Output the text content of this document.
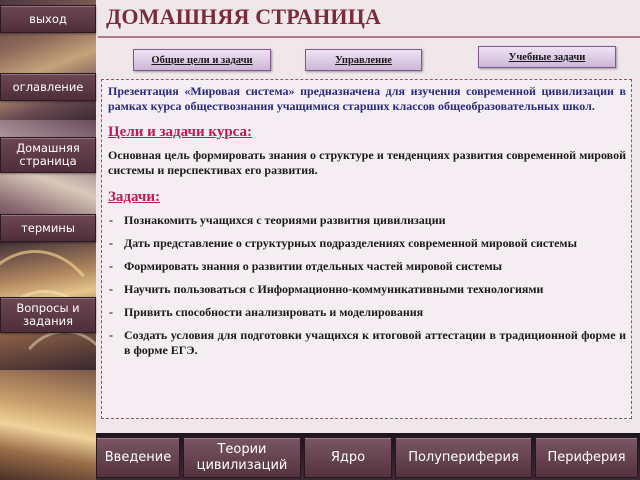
выход
оглавление
Домашняя страница
термины
Вопросы и задания
ДОМАШНЯЯ СТРАНИЦА
Общие цели и задачи	Управление	Учебные задачи

Презентация «Мировая система» предназначена для изучения современной цивилизации в рамках курса обществознания учащимися старших классов общеобразовательных школ.

Цели и задачи курса:

Основная цель формировать знания о структуре и тенденциях развития современной мировой системы и перспективах его развития.

Задачи:

- Познакомить учащихся с теориями развития цивилизации
- Дать представление о структурных подразделениях современной мировой системы
- Формировать знания о развитии отдельных частей мировой системы
- Научить пользоваться с Информационно-коммуникативными технологиями
- Привить способности анализировать и моделирования
- Создать условия для подготовки учащихся к итоговой аттестации в традиционной форме и в форме ЕГЭ.
Введение
Теории цивилизаций
Ядро	Полупериферия	Периферия
